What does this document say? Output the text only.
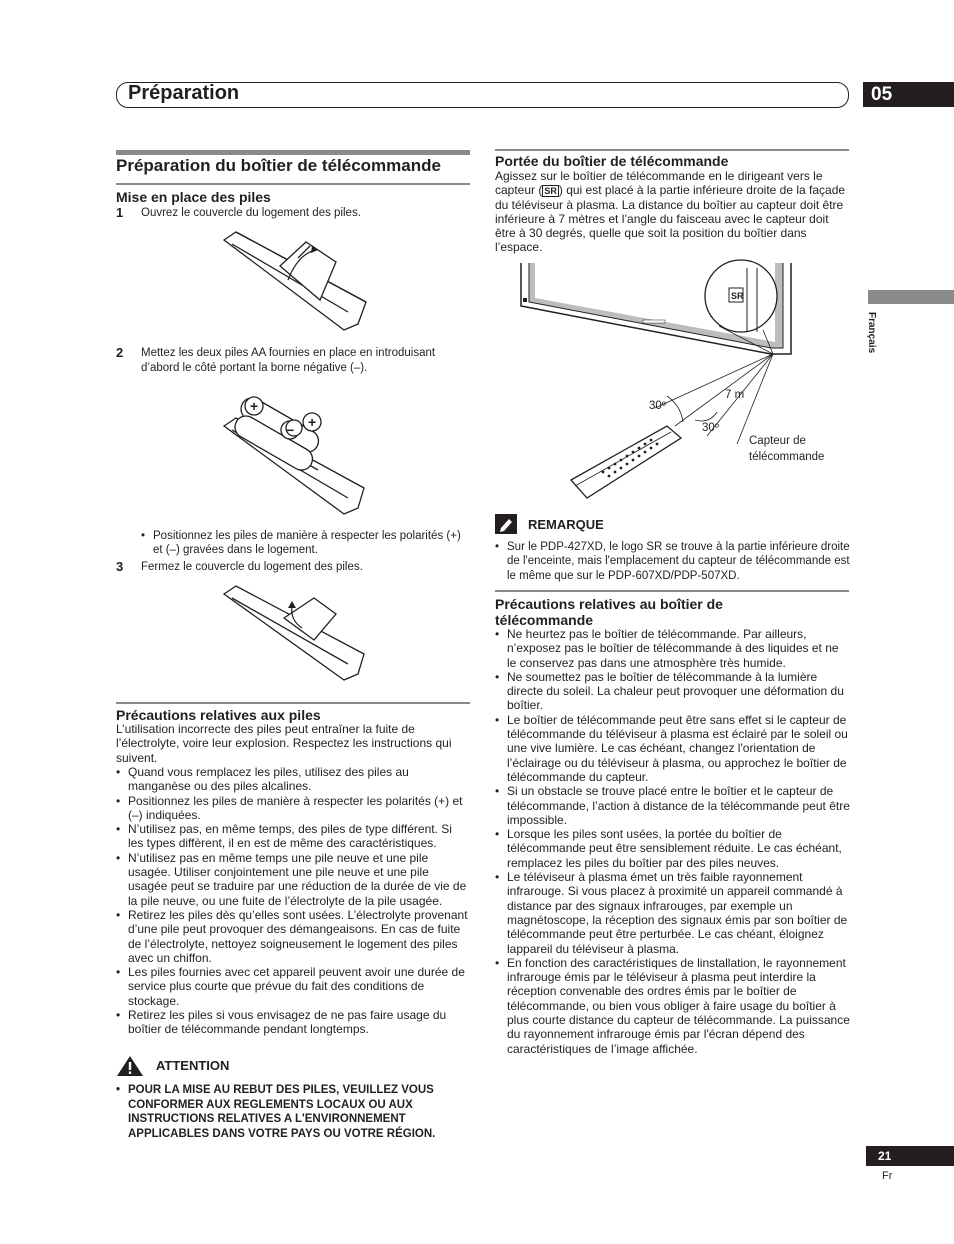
Préparation	05
Français
Préparation du boîtier de télécommande
Mise en place des piles
1 Ouvrez le couvercle du logement des piles.
2 Mettez les deux piles AA fournies en place en introduisant d’abord le côté portant la borne négative (–).
+
+
−
• Positionnez les piles de manière à respecter les polarités (+) et (–) gravées dans le logement.
3 Fermez le couvercle du logement des piles.
Précautions relatives aux piles
L’utilisation incorrecte des piles peut entraîner la fuite de l’électrolyte, voire leur explosion. Respectez les instructions qui suivent.
• Quand vous remplacez les piles, utilisez des piles au manganèse ou des piles alcalines.
• Positionnez les piles de manière à respecter les polarités (+) et (–) indiquées.
• N’utilisez pas, en même temps, des piles de type différent. Si les types diffèrent, il en est de même des caractéristiques.
• N’utilisez pas en même temps une pile neuve et une pile usagée. Utiliser conjointement une pile neuve et une pile usagée peut se traduire par une réduction de la durée de vie de la pile neuve, ou une fuite de l’électrolyte de la pile usagée.
• Retirez les piles dès qu’elles sont usées. L’électrolyte provenant d’une pile peut provoquer des démangeaisons. En cas de fuite de l’électrolyte, nettoyez soigneusement le logement des piles avec un chiffon.
• Les piles fournies avec cet appareil peuvent avoir une durée de service plus courte que prévue du fait des conditions de stockage.
• Retirez les piles si vous envisagez de ne pas faire usage du boîtier de télécommande pendant longtemps.
ATTENTION
• POUR LA MISE AU REBUT DES PILES, VEUILLEZ VOUS CONFORMER AUX REGLEMENTS LOCAUX OU AUX INSTRUCTIONS RELATIVES A L'ENVIRONNEMENT APPLICABLES DANS VOTRE PAYS OU VOTRE RÉGION.
Portée du boîtier de télécommande
Agissez sur le boîtier de télécommande en le dirigeant vers le capteur ( SR ) qui est placé à la partie inférieure droite de la façade du téléviseur à plasma. La distance du boîtier au capteur doit être inférieure à 7 mètres et l’angle du faisceau avec le capteur doit être à 30 degrés, quelle que soit la position du boîtier dans l’espace.
SR
30º
7 m
30º
Capteur de
télécommande
REMARQUE
• Sur le PDP-427XD, le logo SR se trouve à la partie inférieure droite de l'enceinte, mais l'emplacement du capteur de télécommande est le même que sur le PDP-607XD/PDP-507XD.
Précautions relatives au boîtier de
télécommande
• Ne heurtez pas le boîtier de télécommande. Par ailleurs, n’exposez pas le boîtier de télécommande à des liquides et ne le conservez pas dans une atmosphère très humide.
• Ne soumettez pas le boîtier de télécommande à la lumière directe du soleil. La chaleur peut provoquer une déformation du boîtier.
• Le boîtier de télécommande peut être sans effet si le capteur de télécommande du téléviseur à plasma est éclairé par le soleil ou une vive lumière. Le cas échéant, changez l'orientation de l’éclairage ou du téléviseur à plasma, ou approchez le boîtier de télécommande du capteur.
• Si un obstacle se trouve placé entre le boîtier et le capteur de télécommande, l’action à distance de la télécommande peut être impossible.
• Lorsque les piles sont usées, la portée du boîtier de télécommande peut être sensiblement réduite. Le cas échéant, remplacez les piles du boîtier par des piles neuves.
• Le téléviseur à plasma émet un très faible rayonnement infrarouge. Si vous placez à proximité un appareil commandé à distance par des signaux infrarouges, par exemple un magnétoscope, la réception des signaux émis par son boîtier de télécommande peut être perturbée. Le cas chéant, éloignez lappareil du téléviseur à plasma.
• En fonction des caractéristiques de linstallation, le rayonnement infrarouge émis par le téléviseur à plasma peut interdire la réception convenable des ordres émis par le boîtier de télécommande, ou bien vous obliger à faire usage du boîtier à plus courte distance du capteur de télécommande. La puissance du rayonnement infrarouge émis par l'écran dépend des caractéristiques de l’image affichée.
21
Fr
